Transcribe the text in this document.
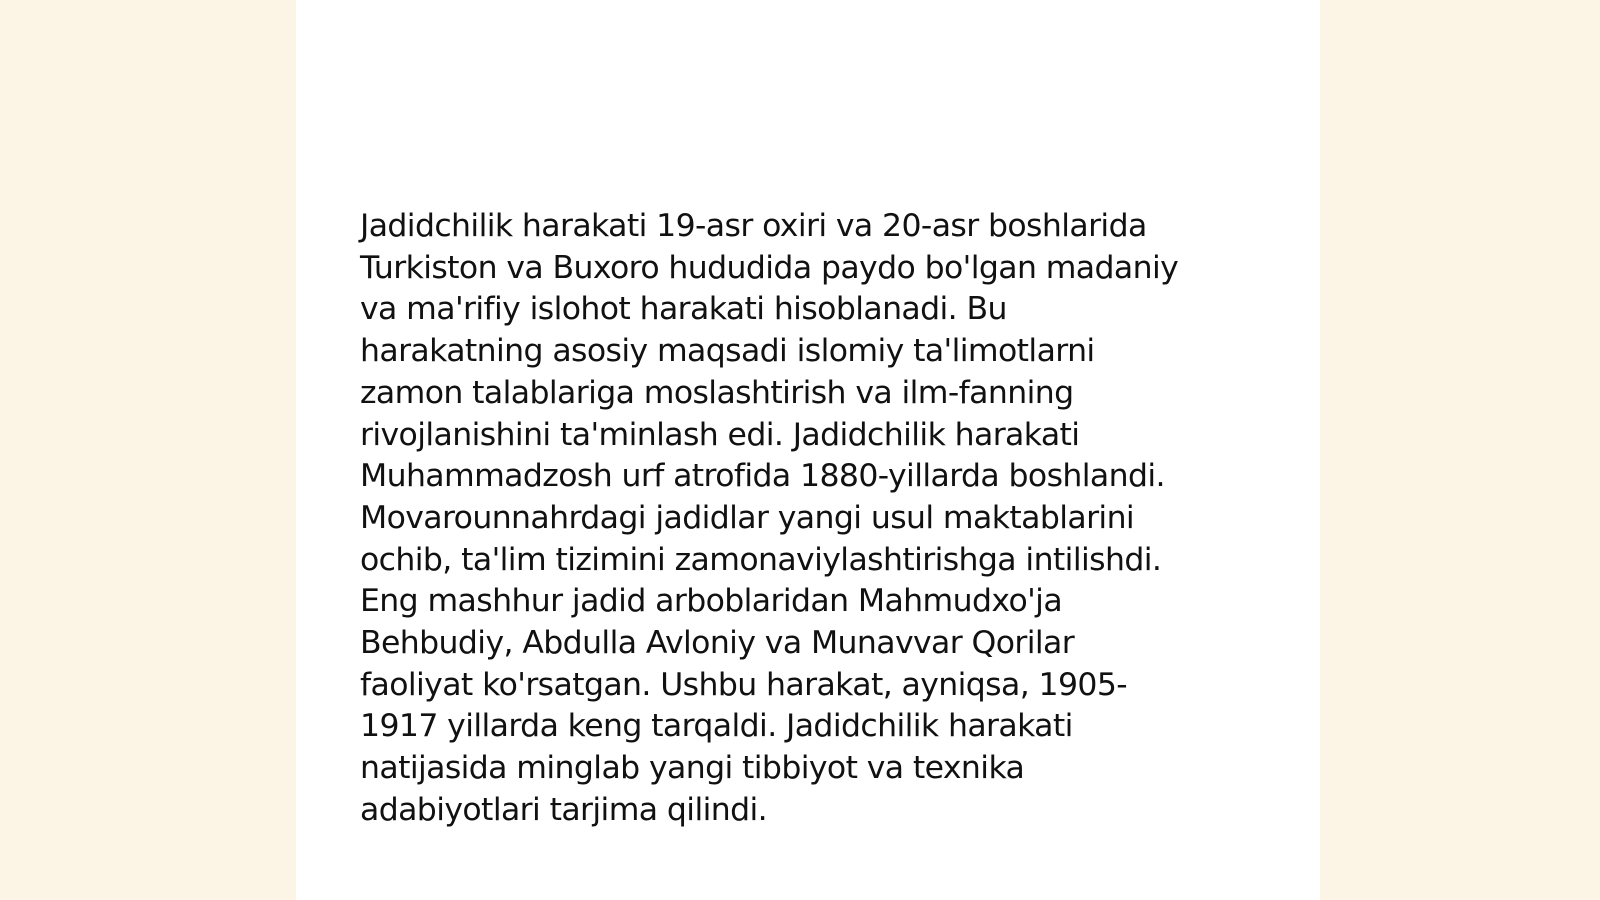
Jadidchilik harakati 19-asr oxiri va 20-asr boshlarida
Turkiston va Buxoro hududida paydo bo'lgan madaniy
va ma'rifiy islohot harakati hisoblanadi. Bu
harakatning asosiy maqsadi islomiy ta'limotlarni
zamon talablariga moslashtirish va ilm-fanning
rivojlanishini ta'minlash edi. Jadidchilik harakati
Muhammadzosh urf atrofida 1880-yillarda boshlandi.
Movarounnahrdagi jadidlar yangi usul maktablarini
ochib, ta'lim tizimini zamonaviylashtirishga intilishdi.
Eng mashhur jadid arboblaridan Mahmudxo'ja
Behbudiy, Abdulla Avloniy va Munavvar Qorilar
faoliyat ko'rsatgan. Ushbu harakat, ayniqsa, 1905-
1917 yillarda keng tarqaldi. Jadidchilik harakati
natijasida minglab yangi tibbiyot va texnika
adabiyotlari tarjima qilindi.
